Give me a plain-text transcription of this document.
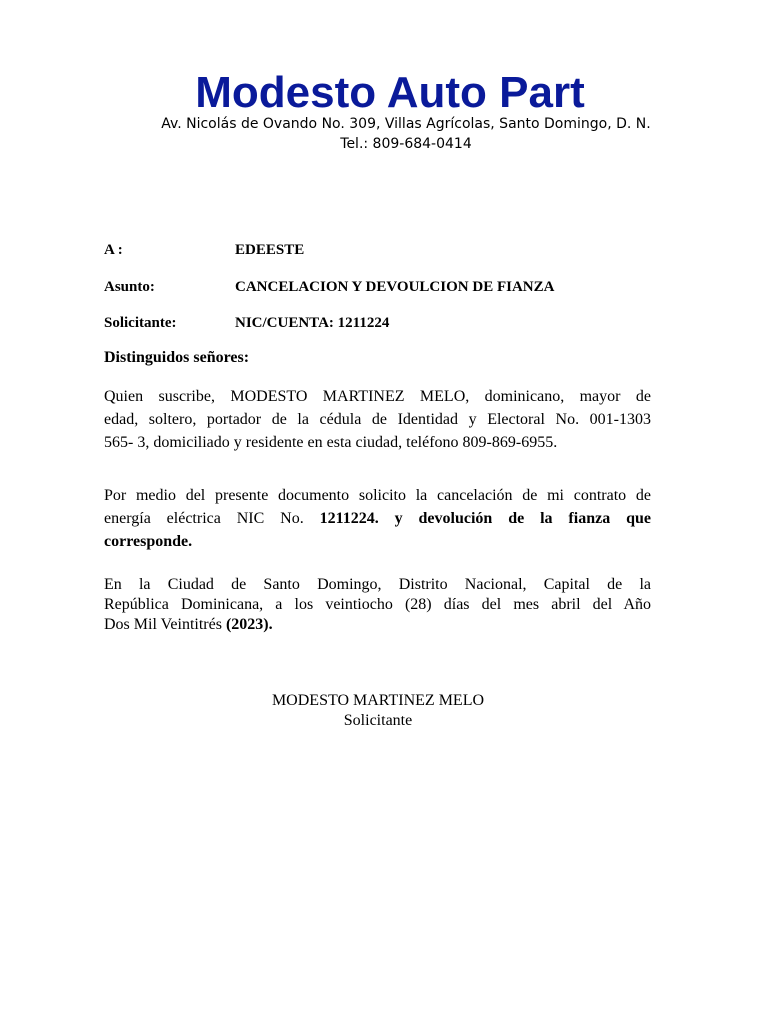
Modesto Auto Part
Av. Nicolás de Ovando No. 309, Villas Agrícolas, Santo Domingo, D. N.
Tel.: 809-684-0414
A :	EDEESTE
Asunto:	CANCELACION Y DEVOULCION DE FIANZA
Solicitante:	NIC/CUENTA: 1211224
Distinguidos señores:
Quien suscribe, MODESTO MARTINEZ MELO, dominicano, mayor de
edad, soltero, portador de la cédula de Identidad y Electoral No. 001-1303
565- 3, domiciliado y residente en esta ciudad, teléfono 809-869-6955.
Por medio del presente documento solicito la cancelación de mi contrato de
energía eléctrica NIC No. 1211224. y devolución de la fianza que
corresponde.
En la Ciudad de Santo Domingo, Distrito Nacional, Capital de la
República Dominicana, a los veintiocho (28) días del mes abril del Año
Dos Mil Veintitrés (2023).
MODESTO MARTINEZ MELO
Solicitante
